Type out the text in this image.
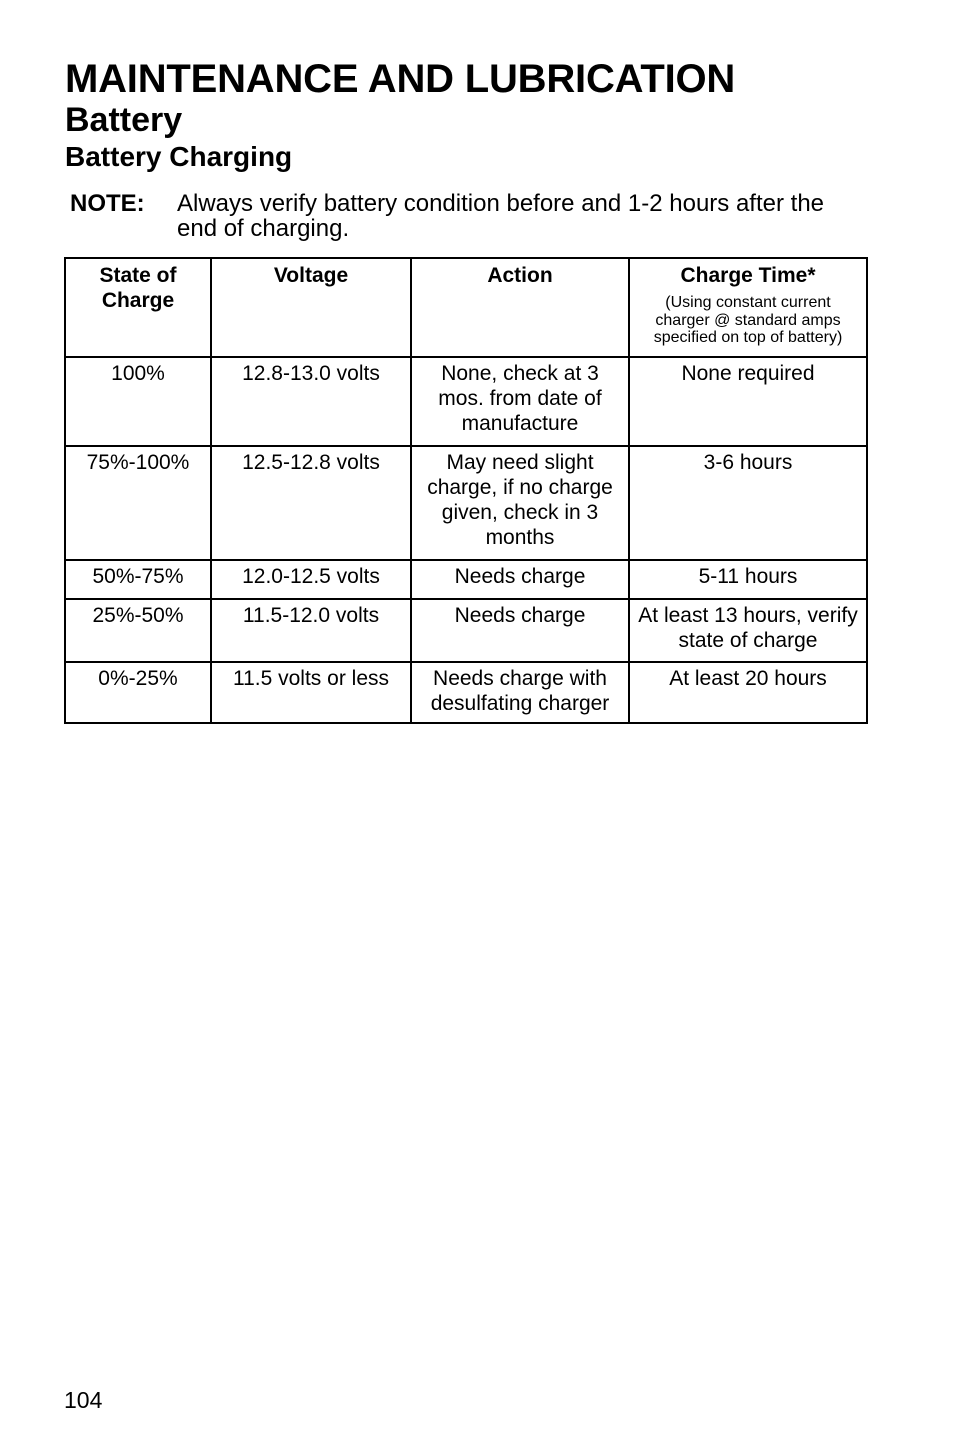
MAINTENANCE AND LUBRICATION
Battery
Battery Charging
NOTE: Always verify battery condition before and 1-2 hours after the end of charging.
State of Charge	Voltage	Action	Charge Time*
(Using constant current charger @ standard amps specified on top of battery)

100%	12.8-13.0 volts	None, check at 3 mos. from date of manufacture	None required
75%-100%	12.5-12.8 volts	May need slight charge, if no charge given, check in 3 months	3-6 hours
50%-75%	12.0-12.5 volts	Needs charge	5-11 hours
25%-50%	11.5-12.0 volts	Needs charge	At least 13 hours, verify state of charge

0%-25%	11.5 volts or less	Needs charge with desulfating charger	At least 20 hours
104
